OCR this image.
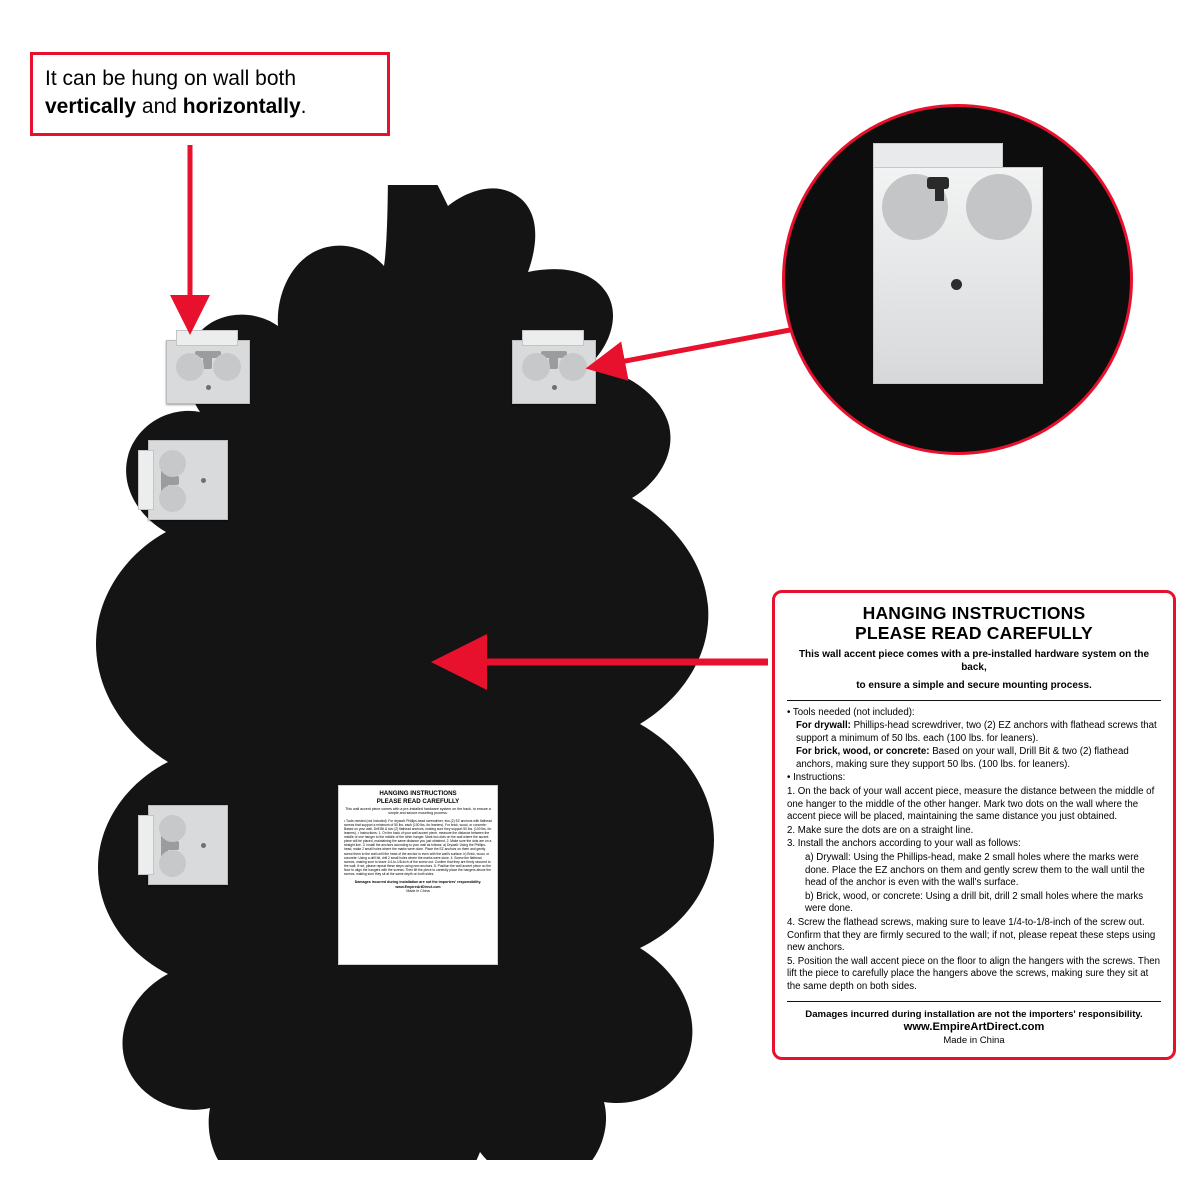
HANGING INSTRUCTIONS
PLEASE READ CAREFULLY
This wall accent piece comes with a pre-installed hardware system on the back, to ensure a simple and secure mounting process.
• Tools needed (not included): For drywall: Phillips-head screwdriver, two (2) EZ anchors with flathead screws that support a minimum of 50 lbs. each (100 lbs. for leaners). For brick, wood, or concrete: Based on your wall, Drill Bit & two (2) flathead anchors, making sure they support 50 lbs. (100 lbs. for leaners). • Instructions: 1. On the back of your wall accent piece, measure the distance between the middle of one hanger to the middle of the other hanger. Mark two dots on the wall where the accent piece will be placed, maintaining the same distance you just obtained. 2. Make sure the dots are on a straight line. 3. Install the anchors according to your wall as follows: a) Drywall: Using the Phillips-head, make 2 small holes where the marks were done. Place the EZ anchors on them and gently screw them to the wall until the head of the anchor is even with the wall's surface. b) Brick, wood, or concrete: Using a drill bit, drill 2 small holes where the marks were done. 4. Screw the flathead screws, making sure to leave 1/4-to-1/8-inch of the screw out. Confirm that they are firmly secured to the wall; if not, please repeat these steps using new anchors. 5. Position the wall accent piece on the floor to align the hangers with the screws. Then lift the piece to carefully place the hangers above the screws, making sure they sit at the same depth on both sides.
Damages incurred during installation are not the importers' responsibility.
www.EmpireArtDirect.com
Made in China
It can be hung on wall both
vertically and horizontally.
HANGING INSTRUCTIONS
PLEASE READ CAREFULLY
This wall accent piece comes with a pre-installed hardware system on the back,
to ensure a simple and secure mounting process.

• Tools needed (not included):

For drywall: Phillips-head screwdriver, two (2) EZ anchors with flathead screws that support a minimum of 50 lbs. each (100 lbs. for leaners).

For brick, wood, or concrete: Based on your wall, Drill Bit & two (2) flathead anchors, making sure they support 50 lbs. (100 lbs. for leaners).

• Instructions:

1. On the back of your wall accent piece, measure the distance between the middle of one hanger to the middle of the other hanger. Mark two dots on the wall where the accent piece will be placed, maintaining the same distance you just obtained.

2. Make sure the dots are on a straight line.

3. Install the anchors according to your wall as follows:

a) Drywall: Using the Phillips-head, make 2 small holes where the marks were done. Place the EZ anchors on them and gently screw them to the wall until the head of the anchor is even with the wall's surface.

b) Brick, wood, or concrete: Using a drill bit, drill 2 small holes where the marks were done.

4. Screw the flathead screws, making sure to leave 1/4-to-1/8-inch of the screw out. Confirm that they are firmly secured to the wall; if not, please repeat these steps using new anchors.

5. Position the wall accent piece on the floor to align the hangers with the screws. Then lift the piece to carefully place the hangers above the screws, making sure they sit at the same depth on both sides.

Damages incurred during installation are not the importers' responsibility.
www.EmpireArtDirect.com
Made in China
